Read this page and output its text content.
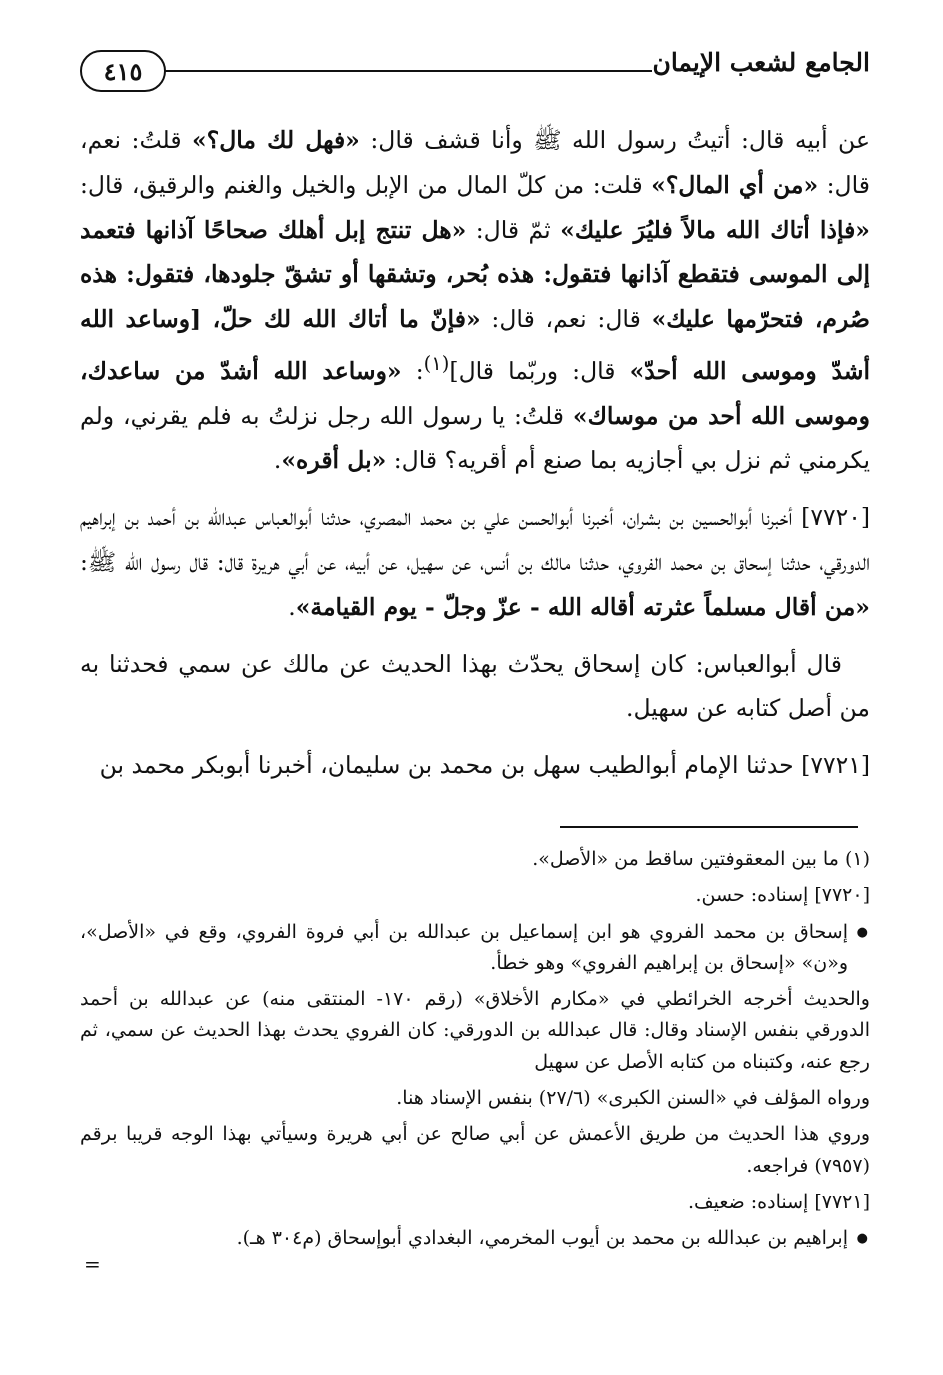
٤١٥	الجامع لشعب الإيمان

عن أبيه قال: أتيتُ رسول الله ﷺ وأنا قشف قال: «فهل لك مال؟» قلتُ: نعم، قال: «من أي المال؟» قلت: من كلّ المال من الإبل والخيل والغنم والرقيق، قال: «فإذا أتاك الله مالاً فليُرَ عليك» ثمّ قال: «هل تنتج إبل أهلك صحاحًا آذانها فتعمد إلى الموسى فتقطع آذانها فتقول: هذه بُحر، وتشقها أو تشقّ جلودها، فتقول: هذه صُرم، فتحرّمها عليك» قال: نعم، قال: «فإنّ ما أتاك الله لك حلّ، [وساعد الله أشدّ وموسى الله أحدّ» قال: وربّما قال]$^{(١)}$: «وساعد الله أشدّ من ساعدك، وموسى الله أحد من موساك» قلتُ: يا رسول الله رجل نزلتُ به فلم يقرني، ولم يكرمني ثم نزل بي أجازيه بما صنع أم أقريه؟ قال: «بل أقره».

[٧٧٢٠] أخبرنا أبوالحسين بن بشران، أخبرنا أبوالحسن علي بن محمد المصري، حدثنا أبوالعباس عبدالله بن أحمد بن إبراهيم الدورقي، حدثنا إسحاق بن محمد الفروي، حدثنا مالك بن أنس، عن سهيل، عن أبيه، عن أبي هريرة قال: قال رسول الله ﷺ: «من أقال مسلماً عثرته أقاله الله - عزّ وجلّ - يوم القيامة».

قال أبوالعباس: كان إسحاق يحدّث بهذا الحديث عن مالك عن سمي فحدثنا به من أصل كتابه عن سهيل.

[٧٧٢١] حدثنا الإمام أبوالطيب سهل بن محمد بن سليمان، أخبرنا أبوبكر محمد بن

(١) ما بين المعقوفتين ساقط من «الأصل».

[٧٧٢٠] إسناده: حسن.

● إسحاق بن محمد الفروي هو ابن إسماعيل بن عبدالله بن أبي فروة الفروي، وقع في «الأصل»، و«ن» «إسحاق بن إبراهيم الفروي» وهو خطأ.

والحديث أخرجه الخرائطي في «مكارم الأخلاق» (رقم ١٧٠- المنتقى منه) عن عبدالله بن أحمد الدورقي بنفس الإسناد وقال: قال عبدالله بن الدورقي: كان الفروي يحدث بهذا الحديث عن سمي، ثم رجع عنه، وكتبناه من كتابه الأصل عن سهيل

ورواه المؤلف في «السنن الكبرى» (٢٧/٦) بنفس الإسناد هنا.

وروي هذا الحديث من طريق الأعمش عن أبي صالح عن أبي هريرة وسيأتي بهذا الوجه قريبا برقم (٧٩٥٧) فراجعه.

[٧٧٢١] إسناده: ضعيف.

● إبراهيم بن عبدالله بن محمد بن أيوب المخرمي، البغدادي أبوإسحاق (م٣٠٤ هـ).

=
